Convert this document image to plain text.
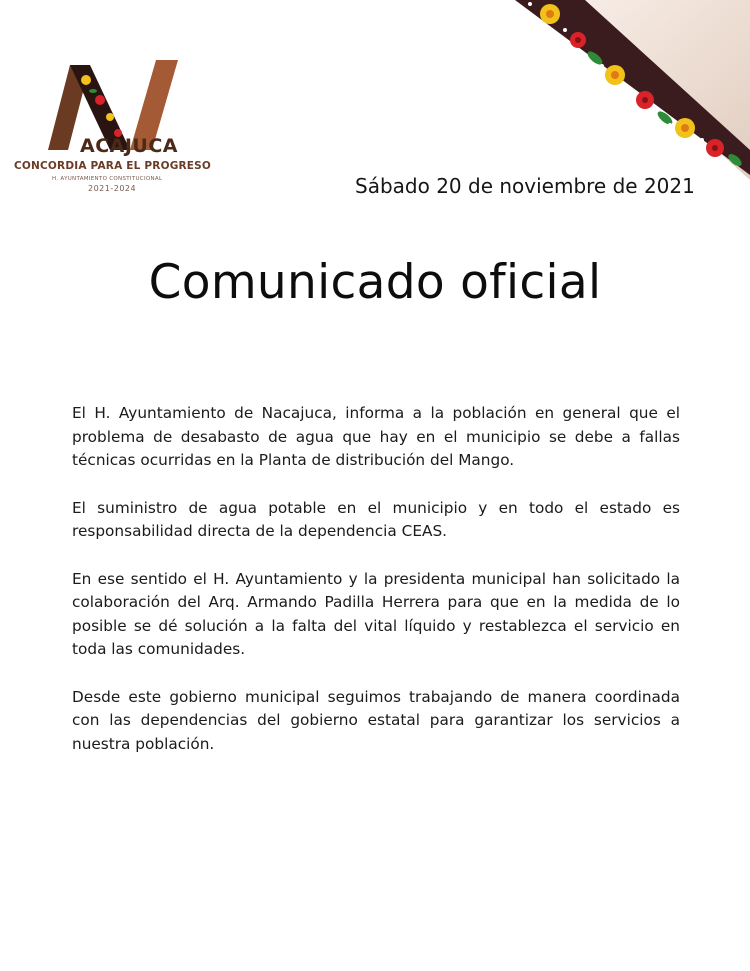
ACAJUCA
CONCORDIA PARA EL PROGRESO
H. AYUNTAMIENTO CONSTITUCIONAL
2021-2024	Sábado 20 de noviembre de 2021
Comunicado oficial

El H. Ayuntamiento de Nacajuca, informa a la población en general que el problema de desabasto de agua que hay en el municipio se debe a fallas técnicas ocurridas en la Planta de distribución del Mango.

El suministro de agua potable en el municipio y en todo el estado es responsabilidad directa de la dependencia CEAS.

En ese sentido el H. Ayuntamiento y la presidenta municipal han solicitado la colaboración del Arq. Armando Padilla Herrera para que en la medida de lo posible se dé solución a la falta del vital líquido y restablezca el servicio en toda las comunidades.

Desde este gobierno municipal seguimos trabajando de manera coordinada con las dependencias del gobierno estatal para garantizar los servicios a nuestra población.
